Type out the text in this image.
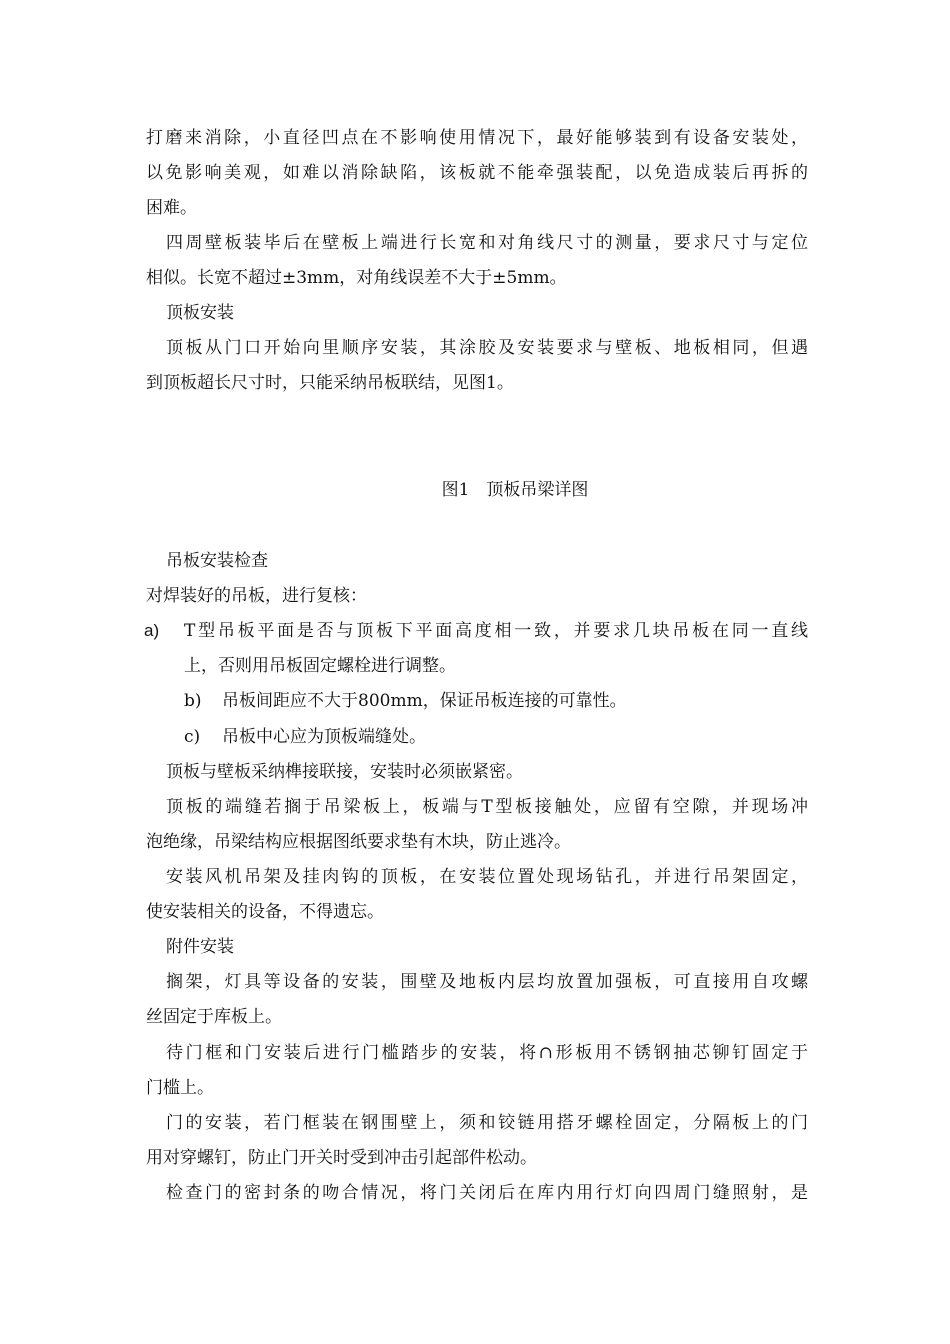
打磨来消除，小直径凹点在不影响使用情况下，最好能够装到有设备安装处，
以免影响美观，如难以消除缺陷，该板就不能牵强装配，以免造成装后再拆的
困难。
四周壁板装毕后在壁板上端进行长宽和对角线尺寸的测量，要求尺寸与定位
相似。长宽不超过±3mm，对角线误差不大于±5mm。
顶板安装
顶板从门口开始向里顺序安装，其涂胶及安装要求与壁板、地板相同，但遇
到顶板超长尺寸时，只能采纳吊板联结，见图1。
图1　顶板吊梁详图
吊板安装检查
对焊装好的吊板，进行复核：
a) T型吊板平面是否与顶板下平面高度相一致，并要求几块吊板在同一直线
上，否则用吊板固定螺栓进行调整。
b) 吊板间距应不大于800mm，保证吊板连接的可靠性。
c) 吊板中心应为顶板端缝处。
顶板与壁板采纳榫接联接，安装时必须嵌紧密。
顶板的端缝若搁于吊梁板上，板端与T型板接触处，应留有空隙，并现场冲
泡绝缘，吊梁结构应根据图纸要求垫有木块，防止逃冷。
安装风机吊架及挂肉钩的顶板，在安装位置处现场钻孔，并进行吊架固定，
使安装相关的设备，不得遗忘。
附件安装
搁架，灯具等设备的安装，围壁及地板内层均放置加强板，可直接用自攻螺
丝固定于库板上。
待门框和门安装后进行门槛踏步的安装，将∩形板用不锈钢抽芯铆钉固定于
门槛上。
门的安装，若门框装在钢围壁上，须和铰链用搭牙螺栓固定，分隔板上的门
用对穿螺钉，防止门开关时受到冲击引起部件松动。
检查门的密封条的吻合情况，将门关闭后在库内用行灯向四周门缝照射，是
